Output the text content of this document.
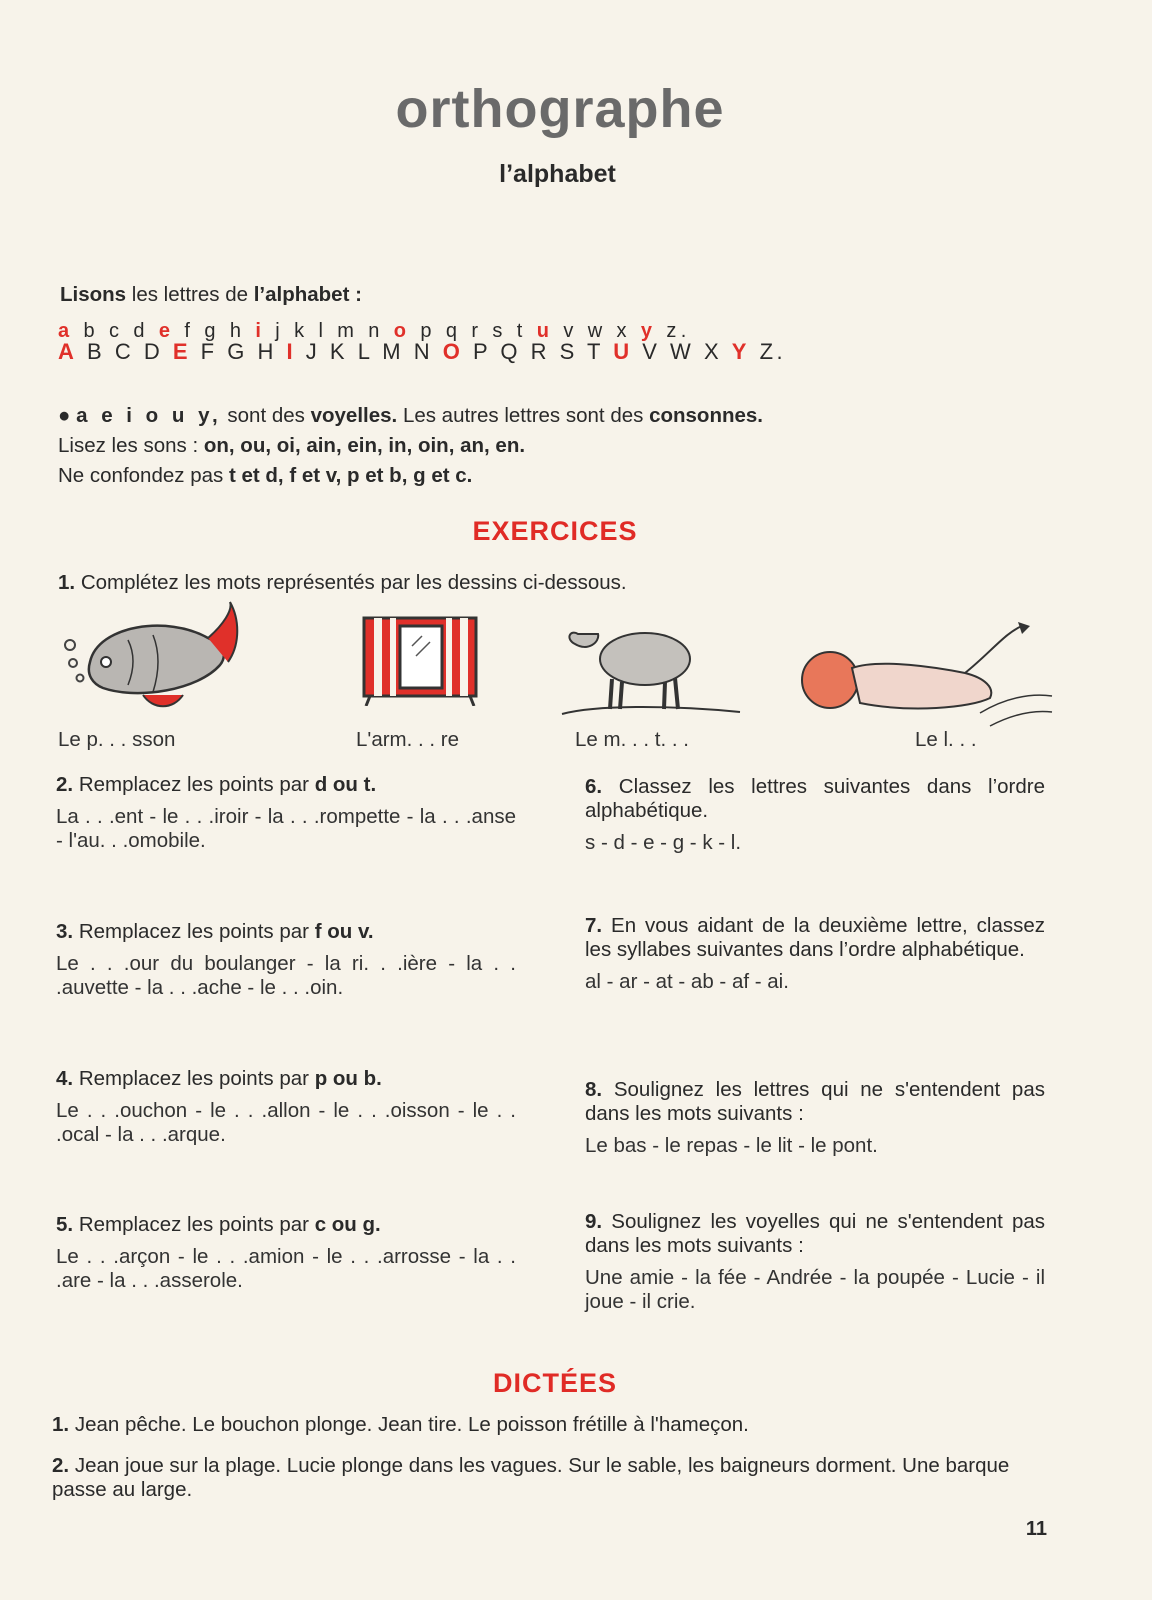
orthographe
l’alphabet
Lisons les lettres de l’alphabet :
a b c d e f g h i j k l m n o p q r s t u v w x y z.
A B C D E F G H I J K L M N O P Q R S T U V W X Y Z.
● a e i o u y, sont des voyelles. Les autres lettres sont des consonnes.
Lisez les sons : on, ou, oi, ain, ein, in, oin, an, en.
Ne confondez pas t et d, f et v, p et b, g et c.
EXERCICES
1. Complétez les mots représentés par les dessins ci-dessous.
Le p. . . sson	L'arm. . . re	Le m. . . t. . .	Le l. . .
2. Remplacez les points par d ou t.
La . . .ent - le . . .iroir - la . . .rompette - la . . .anse - l'au. . .omobile.
3. Remplacez les points par f ou v.
Le . . .our du boulanger - la ri. . .ière - la . . .auvette - la . . .ache - le . . .oin.
4. Remplacez les points par p ou b.
Le . . .ouchon - le . . .allon - le . . .oisson - le . . .ocal - la . . .arque.
5. Remplacez les points par c ou g.
Le . . .arçon - le . . .amion - le . . .arrosse - la . . .are - la . . .asserole.
6. Classez les lettres suivantes dans l’ordre alphabétique.
s - d - e - g - k - l.
7. En vous aidant de la deuxième lettre, classez les syllabes suivantes dans l’ordre alphabétique.
al - ar - at - ab - af - ai.
8. Soulignez les lettres qui ne s'entendent pas dans les mots suivants :
Le bas - le repas - le lit - le pont.
9. Soulignez les voyelles qui ne s'entendent pas dans les mots suivants :
Une amie - la fée - Andrée - la poupée - Lucie - il joue - il crie.
DICTÉES
1. Jean pêche. Le bouchon plonge. Jean tire. Le poisson frétille à l'hameçon.
2. Jean joue sur la plage. Lucie plonge dans les vagues. Sur le sable, les baigneurs dorment. Une barque passe au large.
11
